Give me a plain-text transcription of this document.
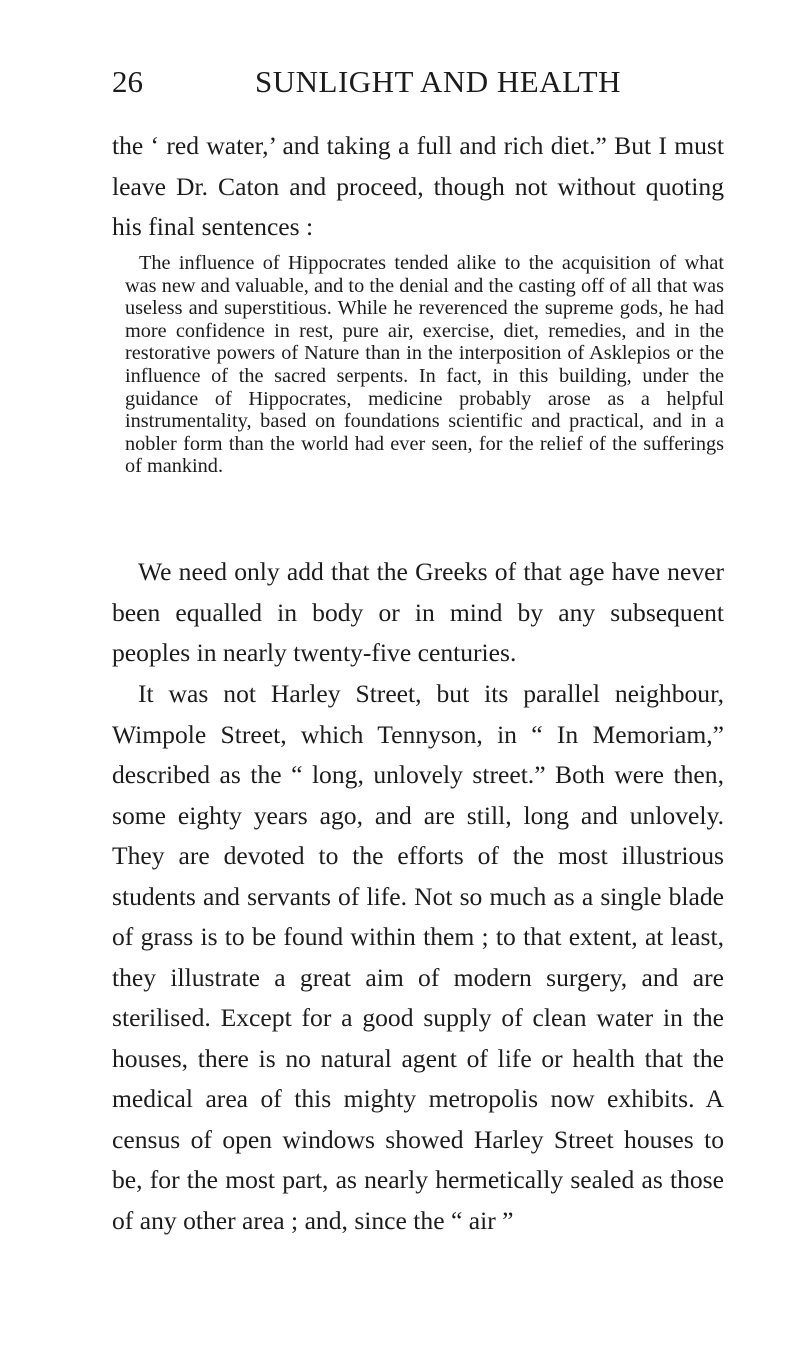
26	SUNLIGHT AND HEALTH

the ‘ red water,’ and taking a full and rich diet.” But I must leave Dr. Caton and proceed, though not without quoting his final sentences :

The influence of Hippocrates tended alike to the acquisition of what was new and valuable, and to the denial and the casting off of all that was useless and superstitious. While he reverenced the supreme gods, he had more confidence in rest, pure air, exercise, diet, remedies, and in the restorative powers of Nature than in the interposition of Asklepios or the influence of the sacred serpents. In fact, in this building, under the guidance of Hippocrates, medicine probably arose as a helpful instrumentality, based on foundations scientific and practical, and in a nobler form than the world had ever seen, for the relief of the sufferings of mankind.

We need only add that the Greeks of that age have never been equalled in body or in mind by any subsequent peoples in nearly twenty-five centuries.

It was not Harley Street, but its parallel neighbour, Wimpole Street, which Tennyson, in “ In Memoriam,” described as the “ long, unlovely street.” Both were then, some eighty years ago, and are still, long and unlovely. They are devoted to the efforts of the most illustrious students and servants of life. Not so much as a single blade of grass is to be found within them ; to that extent, at least, they illustrate a great aim of modern surgery, and are sterilised. Except for a good supply of clean water in the houses, there is no natural agent of life or health that the medical area of this mighty metropolis now exhibits. A census of open windows showed Harley Street houses to be, for the most part, as nearly hermetically sealed as those of any other area ; and, since the “ air ”
